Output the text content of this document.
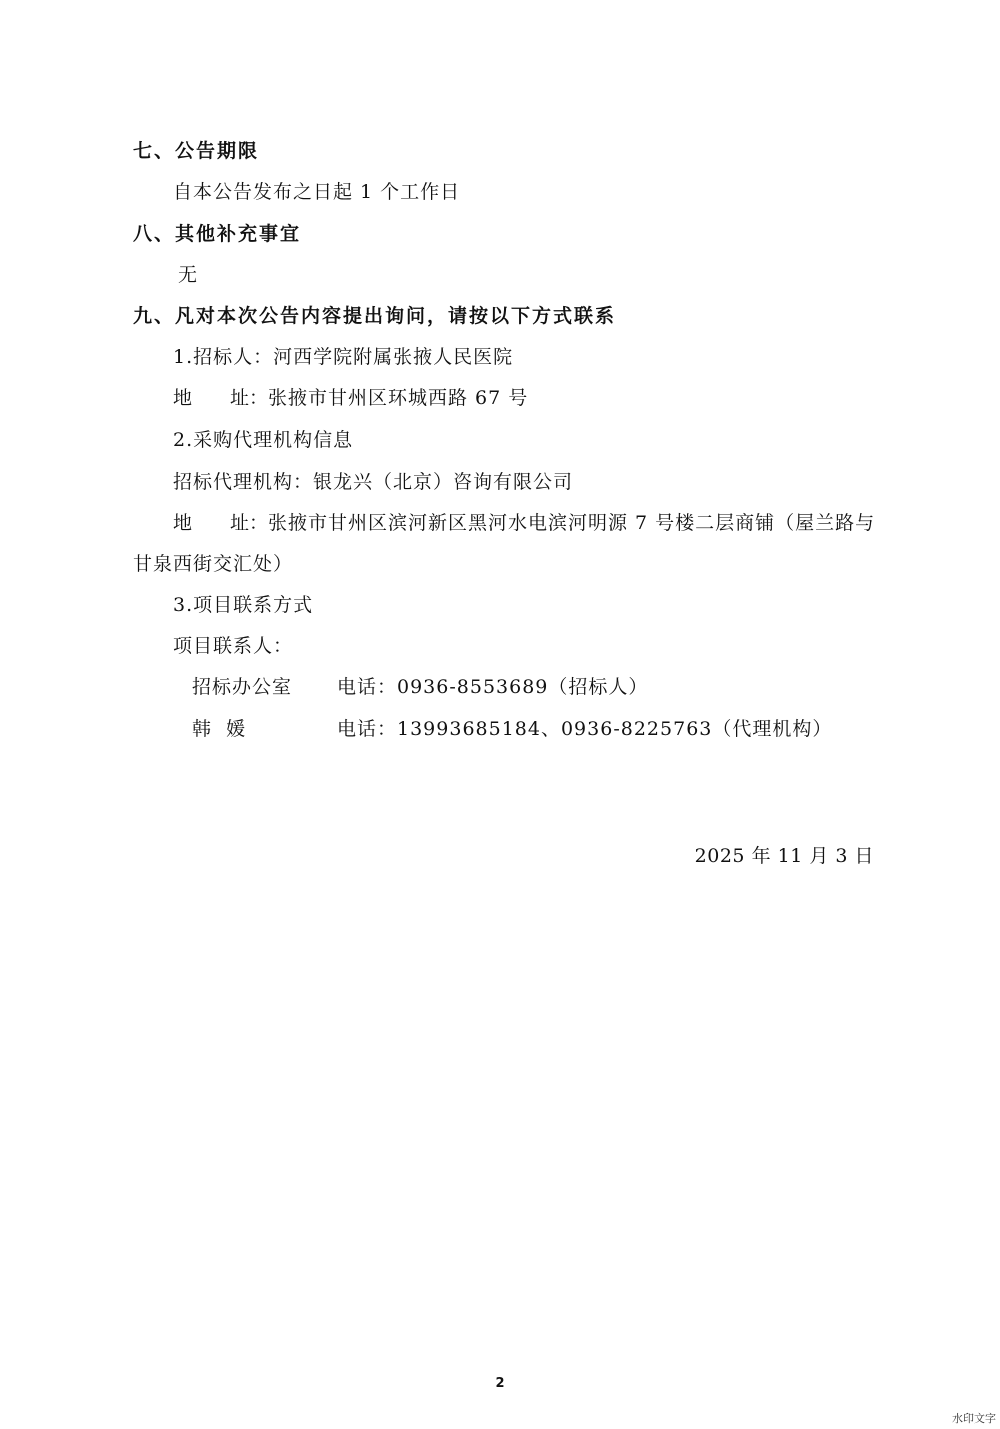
七、公告期限
自本公告发布之日起 1 个工作日
八、其他补充事宜
无
九、凡对本次公告内容提出询问，请按以下方式联系
1.招标人：河西学院附属张掖人民医院
地　　址：张掖市甘州区环城西路 67 号
2.采购代理机构信息
招标代理机构：银龙兴（北京）咨询有限公司
地　　址：张掖市甘州区滨河新区黑河水电滨河明源 7 号楼二层商铺（屋兰路与
甘泉西街交汇处）
3.项目联系方式
项目联系人：
招标办公室 电话：0936-8553689（招标人）
韩  媛	电话：13993685184、0936-8225763（代理机构）
2025 年 11 月 3 日
2
水印文字
